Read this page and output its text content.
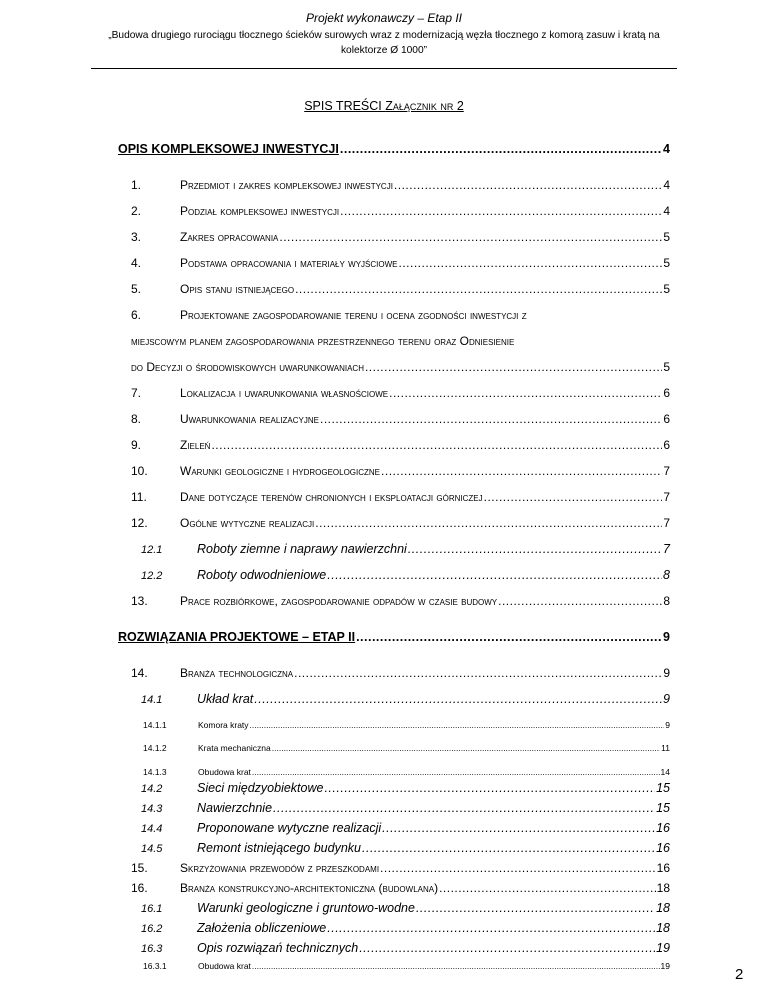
Projekt wykonawczy – Etap II
„Budowa drugiego rurociągu tłocznego ścieków surowych wraz z modernizacją węzła tłocznego z komorą zasuw i kratą na kolektorze Ø 1000”
SPIS TREŚCI Załącznik nr 2
OPIS KOMPLEKSOWEJ INWESTYCJI .....	4
1.	Przedmiot i zakres kompleksowej inwestycji .....	4
2.	Podział kompleksowej inwestycji .....	4
3.	Zakres opracowania .....	5
4.	Podstawa opracowania i materiały wyjściowe .....	5
5.	Opis stanu istniejącego .....	5
6.	Projektowane zagospodarowanie terenu i ocena zgodności inwestycji z
miejscowym planem zagospodarowania przestrzennego terenu oraz Odniesienie
do Decyzji o środowiskowych uwarunkowaniach .....	5
7.	Lokalizacja i uwarunkowania własnościowe .....	6
8.	Uwarunkowania realizacyjne .....	6
9.	Zieleń .....	6
10.	Warunki geologiczne i hydrogeologiczne .....	7
11.	Dane dotyczące terenów chronionych i eksploatacji górniczej .....	7
12.	Ogólne wytyczne realizacji .....	7
12.1	Roboty ziemne i naprawy nawierzchni .....	7
12.2	Roboty odwodnieniowe .....	8
13.	Prace rozbiórkowe, zagospodarowanie odpadów w czasie budowy .....	8
ROZWIĄZANIA PROJEKTOWE – ETAP II .....	9
14.	Branża technologiczna .....	9
14.1	Układ krat .....	9
14.1.1	Komora kraty .....	9
14.1.2	Krata mechaniczna .....	11
14.1.3	Obudowa krat .....	14
14.2	Sieci międzyobiektowe .....	15
14.3	Nawierzchnie .....	15
14.4	Proponowane wytyczne realizacji .....	16
14.5	Remont istniejącego budynku .....	16
15.	Skrzyżowania przewodów z przeszkodami .....	16
16.	Branża konstrukcyjno-architektoniczna (budowlana) .....	18
16.1	Warunki geologiczne i gruntowo-wodne .....	18
16.2	Założenia obliczeniowe .....	18
16.3	Opis rozwiązań technicznych .....	19
16.3.1	Obudowa krat .....	19	2
